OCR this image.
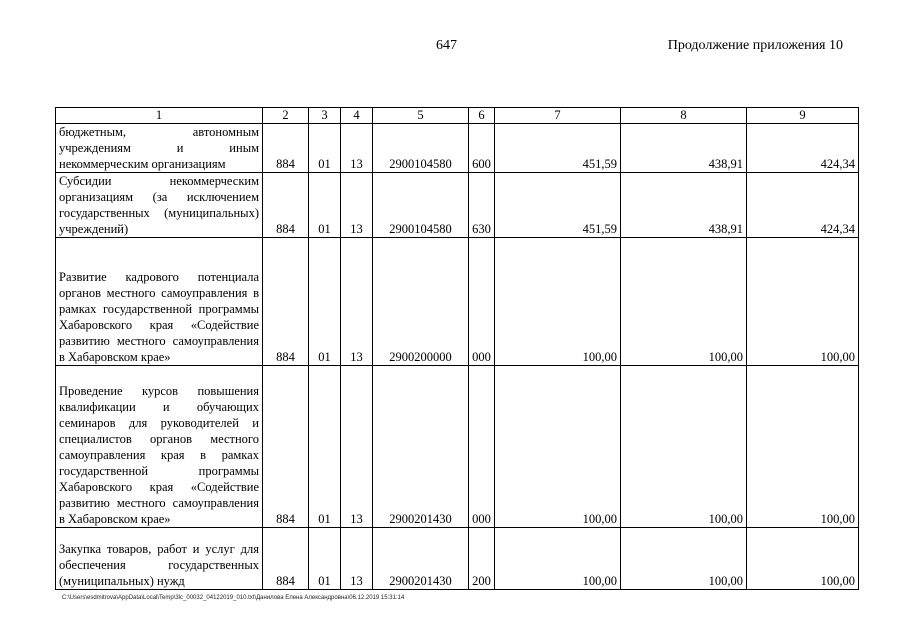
647	Продолжение приложения 10
1	2	3	4	5	6	7	8	9
бюджетным, автономным учреждениям и иным некоммерческим организациям	884	01	13	2900104580	600	451,59	438,91	424,34
Субсидии некоммерческим организациям (за исключением государственных (муниципальных) учреждений)	884	01	13	2900104580	630	451,59	438,91	424,34
Развитие кадрового потенциала органов местного самоуправления в рамках государственной программы Хабаровского края «Содействие развитию местного самоуправления в Хабаровском крае»	884	01	13	2900200000	000	100,00	100,00	100,00
Проведение курсов повышения квалификации и обучающих семинаров для руководителей и специалистов органов местного самоуправления края в рамках государственной программы Хабаровского края «Содействие развитию местного самоуправления в Хабаровском крае»	884	01	13	2900201430	000	100,00	100,00	100,00
Закупка товаров, работ и услуг для обеспечения государственных (муниципальных) нужд	884	01	13	2900201430	200	100,00	100,00	100,00
C:\Users\esdmitrova\AppData\Local\Temp\3lc_00032_04122019_010.txt\Данилова Елена Александровна\06.12.2019 15:31:14
